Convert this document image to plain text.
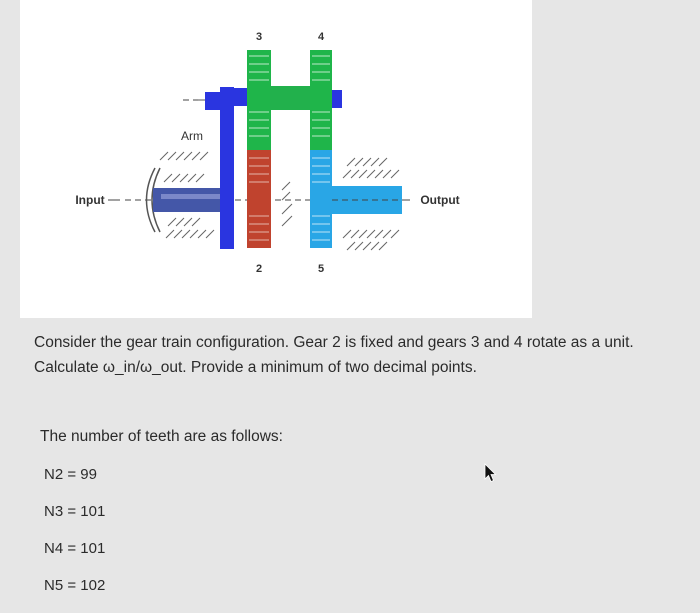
3	4
2	5
Arm
Input	Output
Consider the gear train configuration. Gear 2 is fixed and gears 3 and 4 rotate as a unit. Calculate ω_in/ω_out. Provide a minimum of two decimal points.
The number of teeth are as follows:
N2 = 99
N3 = 101
N4 = 101
N5 = 102
